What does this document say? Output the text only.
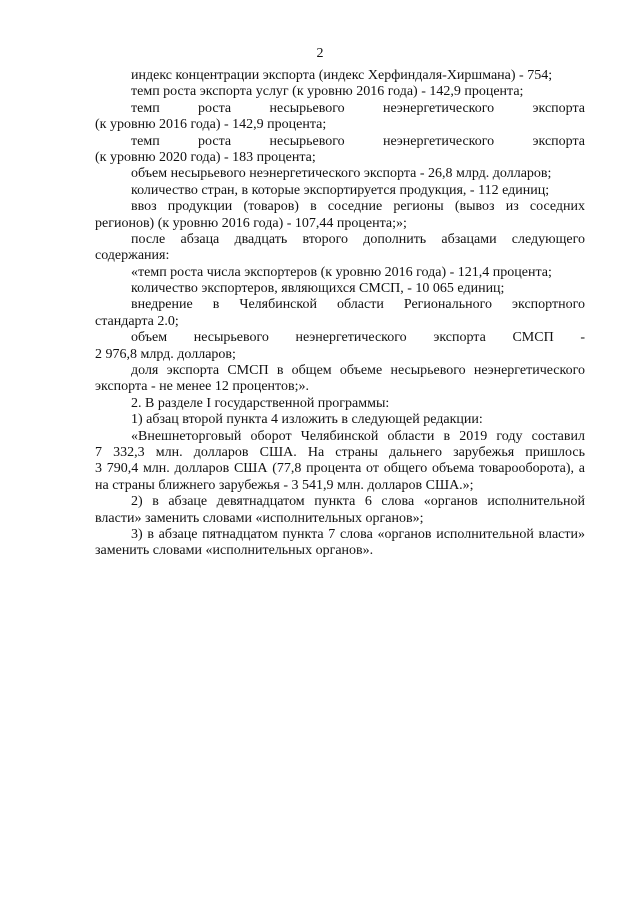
2
индекс концентрации экспорта (индекс Херфиндаля-Хиршмана) - 754;
темп роста экспорта услуг (к уровню 2016 года) - 142,9 процента;
темп роста несырьевого неэнергетического экспорта
(к уровню 2016 года) - 142,9 процента;
темп роста несырьевого неэнергетического экспорта
(к уровню 2020 года) - 183 процента;
объем несырьевого неэнергетического экспорта - 26,8 млрд. долларов;
количество стран, в которые экспортируется продукция, - 112 единиц;
ввоз продукции (товаров) в соседние регионы (вывоз из соседних
регионов) (к уровню 2016 года) - 107,44 процента;»;
после абзаца двадцать второго дополнить абзацами следующего
содержания:
«темп роста числа экспортеров (к уровню 2016 года) - 121,4 процента;
количество экспортеров, являющихся СМСП, - 10 065 единиц;
внедрение в Челябинской области Регионального экспортного
стандарта 2.0;
объем несырьевого неэнергетического экспорта СМСП -
2 976,8 млрд. долларов;
доля экспорта СМСП в общем объеме несырьевого неэнергетического
экспорта - не менее 12 процентов;».
2. В разделе I государственной программы:
1) абзац второй пункта 4 изложить в следующей редакции:
«Внешнеторговый оборот Челябинской области в 2019 году составил
7 332,3 млн. долларов США. На страны дальнего зарубежья пришлось
3 790,4 млн. долларов США (77,8 процента от общего объема товарооборота), а
на страны ближнего зарубежья - 3 541,9 млн. долларов США.»;
2) в абзаце девятнадцатом пункта 6 слова «органов исполнительной
власти» заменить словами «исполнительных органов»;
3) в абзаце пятнадцатом пункта 7 слова «органов исполнительной власти»
заменить словами «исполнительных органов».
